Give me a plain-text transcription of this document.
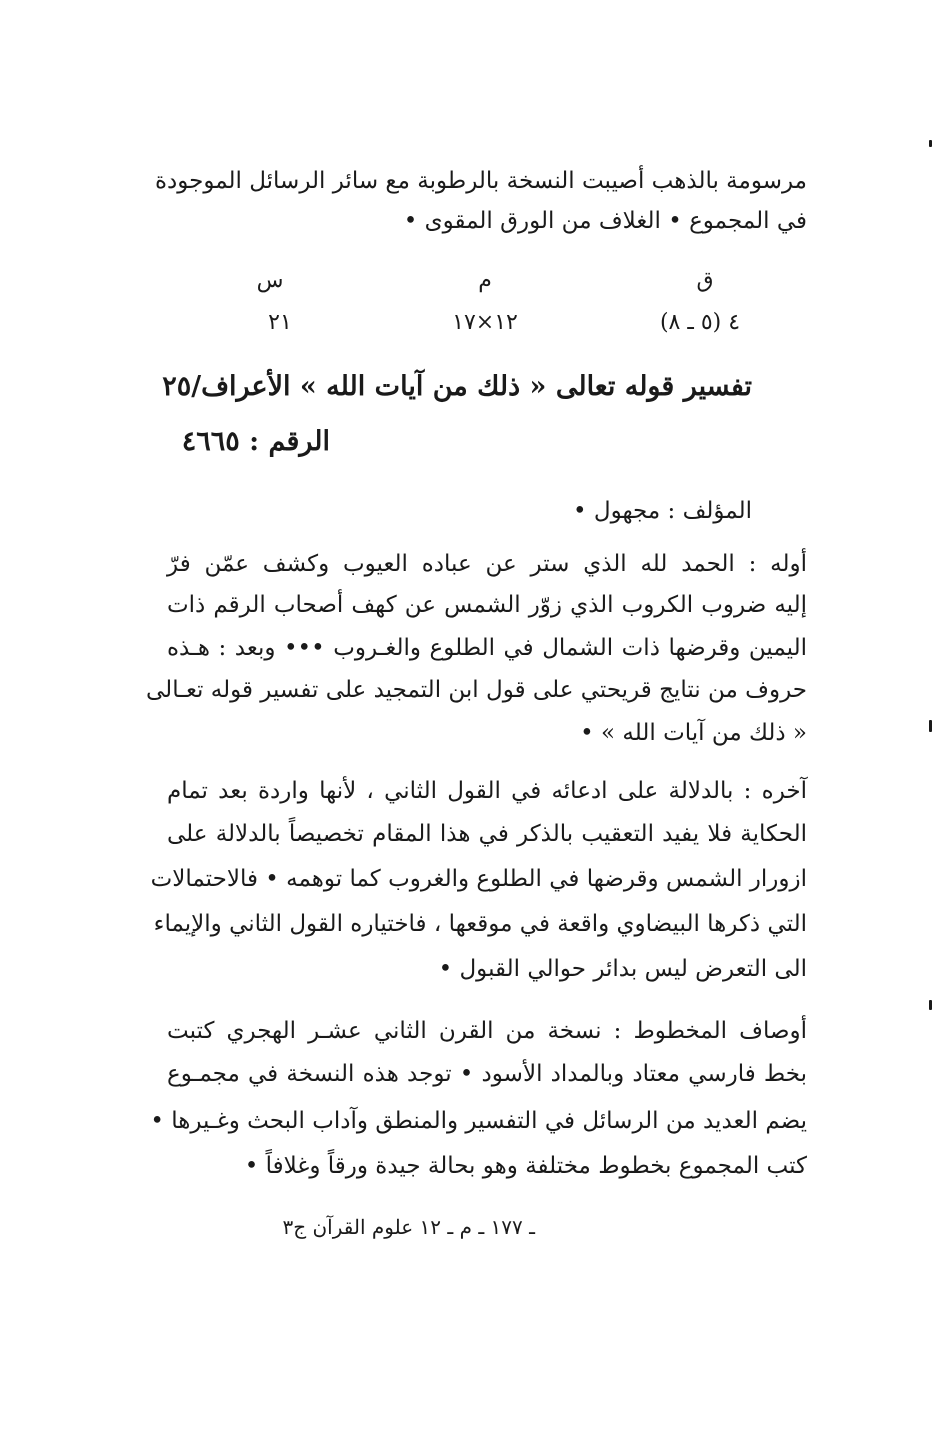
مرسومة بالذهب أصيبت النسخة بالرطوبة مع سائر الرسائل الموجودة
في المجموع • الغلاف من الورق المقوى •
ق
م
س
٤ (٥ ـ ٨)
١٢×١٧
٢١
تفسير قوله تعالى « ذلك من آيات الله » الأعراف/٢٥
الرقم : ٤٦٦٥
المؤلف : مجهول •
أوله : الحمد لله الذي ستر عن عباده العيوب وكشف عمّن فرّ
إليه ضروب الكروب الذي زوّر الشمس عن كهف أصحاب الرقم ذات
اليمين وقرضها ذات الشمال في الطلوع والغـروب ••• وبعد : هـذه
حروف من نتايج قريحتي على قول ابن التمجيد على تفسير قوله تعـالى
« ذلك من آيات الله » •
آخره : بالدلالة على ادعائه في القول الثاني ، لأنها واردة بعد تمام
الحكاية فلا يفيد التعقيب بالذكر في هذا المقام تخصيصاً بالدلالة على
ازورار الشمس وقرضها في الطلوع والغروب كما توهمه • فالاحتمالات
التي ذكرها البيضاوي واقعة في موقعها ، فاختياره القول الثاني والإيماء
الى التعرض ليس بدائر حوالي القبول •
أوصاف المخطوط : نسخة من القرن الثاني عشـر الهجري كتبت
بخط فارسي معتاد وبالمداد الأسود • توجد هذه النسخة في مجمـوع
يضم العديد من الرسائل في التفسير والمنطق وآداب البحث وغـيرها •
كتب المجموع بخطوط مختلفة وهو بحالة جيدة ورقاً وغلافاً •
ـ ١٧٧ ـ م ـ ١٢ علوم القرآن ج٣
